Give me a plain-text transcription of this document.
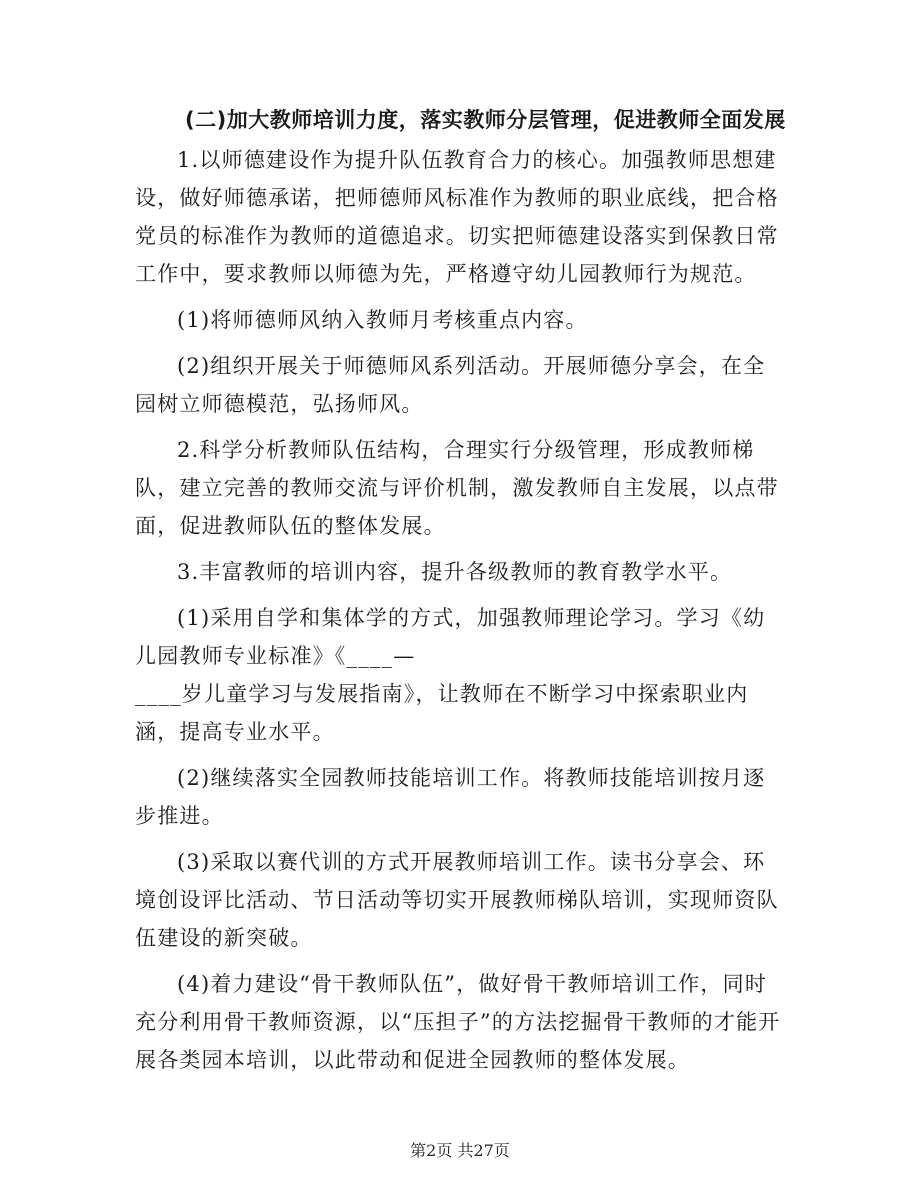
(二)加大教师培训力度，落实教师分层管理，促进教师全面发展

1.以师德建设作为提升队伍教育合力的核心。加强教师思想建设，做好师德承诺，把师德师风标准作为教师的职业底线，把合格党员的标准作为教师的道德追求。切实把师德建设落实到保教日常工作中，要求教师以师德为先，严格遵守幼儿园教师行为规范。

(1)将师德师风纳入教师月考核重点内容。

(2)组织开展关于师德师风系列活动。开展师德分享会，在全园树立师德模范，弘扬师风。

2.科学分析教师队伍结构，合理实行分级管理，形成教师梯队，建立完善的教师交流与评价机制，激发教师自主发展，以点带面，促进教师队伍的整体发展。

3.丰富教师的培训内容，提升各级教师的教育教学水平。

(1)采用自学和集体学的方式，加强教师理论学习。学习《幼儿园教师专业标准》《____—

____岁儿童学习与发展指南》，让教师在不断学习中探索职业内涵，提高专业水平。

(2)继续落实全园教师技能培训工作。将教师技能培训按月逐步推进。

(3)采取以赛代训的方式开展教师培训工作。读书分享会、环境创设评比活动、节日活动等切实开展教师梯队培训，实现师资队伍建设的新突破。

(4)着力建设“骨干教师队伍”，做好骨干教师培训工作，同时充分利用骨干教师资源，以“压担子”的方法挖掘骨干教师的才能开展各类园本培训，以此带动和促进全园教师的整体发展。

第2页 共27页
